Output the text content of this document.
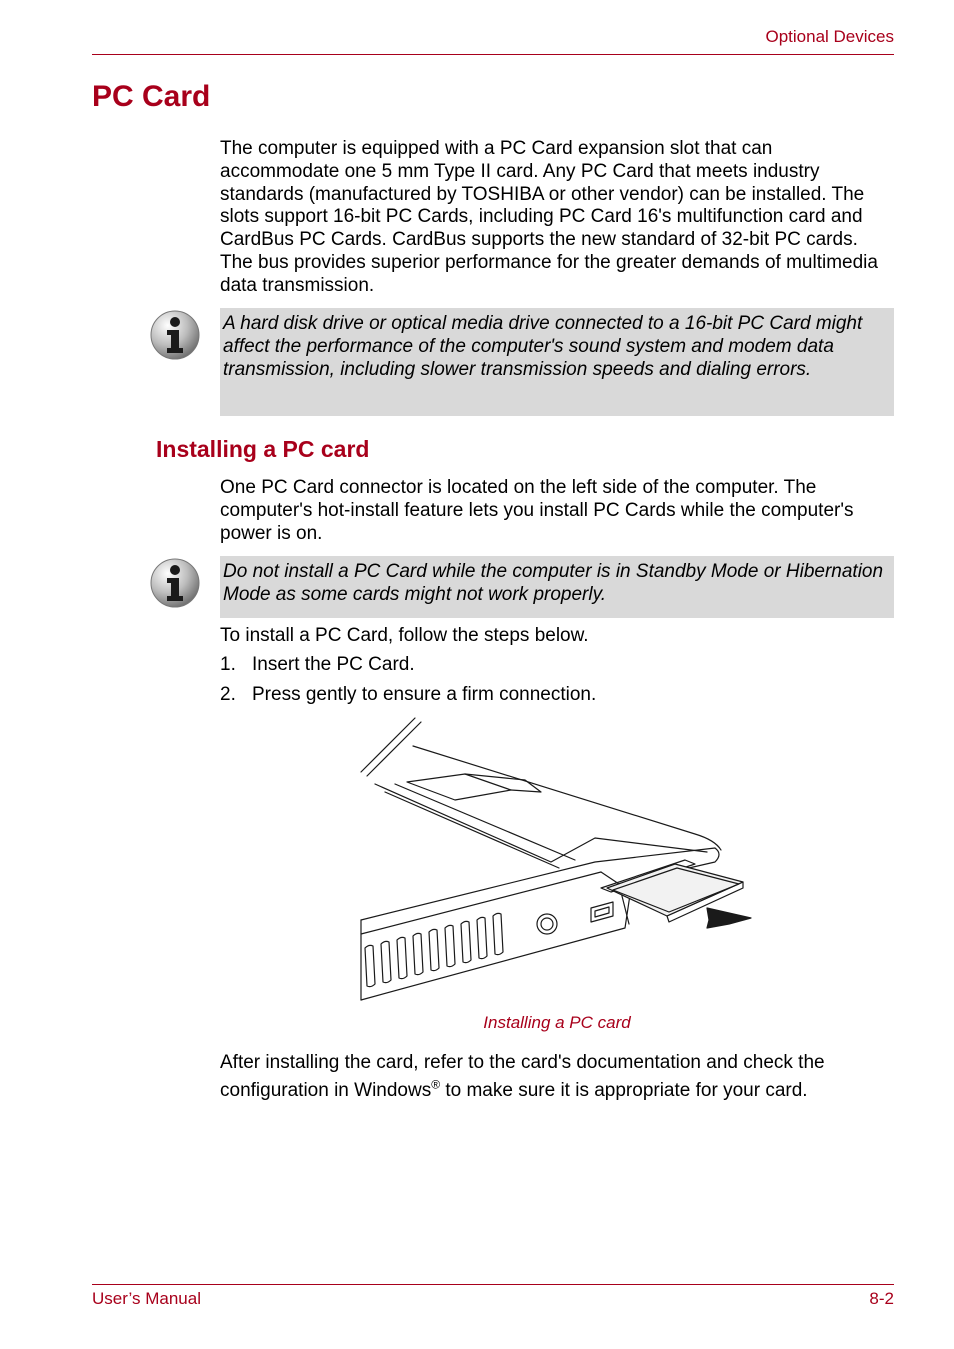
Optional Devices
PC Card
The computer is equipped with a PC Card expansion slot that can accommodate one 5 mm Type II card. Any PC Card that meets industry standards (manufactured by TOSHIBA or other vendor) can be installed. The slots support 16-bit PC Cards, including PC Card 16's multifunction card and CardBus PC Cards. CardBus supports the new standard of 32-bit PC cards. The bus provides superior performance for the greater demands of multimedia data transmission.
A hard disk drive or optical media drive connected to a 16-bit PC Card might affect the performance of the computer's sound system and modem data transmission, including slower transmission speeds and dialing errors.
Installing a PC card
One PC Card connector is located on the left side of the computer. The computer's hot-install feature lets you install PC Cards while the computer's power is on.
Do not install a PC Card while the computer is in Standby Mode or Hibernation Mode as some cards might not work properly.
To install a PC Card, follow the steps below.
1. Insert the PC Card.
2. Press gently to ensure a firm connection.
Installing a PC card
After installing the card, refer to the card's documentation and check the configuration in Windows® to make sure it is appropriate for your card.
User’s Manual	8-2
